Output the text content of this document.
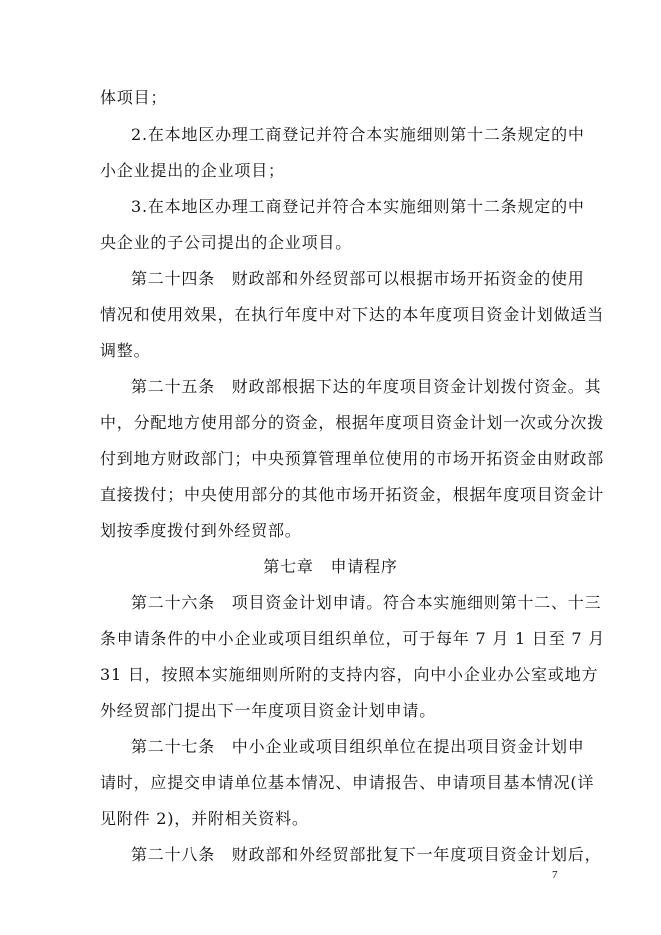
体项目；
2.在本地区办理工商登记并符合本实施细则第十二条规定的中
小企业提出的企业项目；
3.在本地区办理工商登记并符合本实施细则第十二条规定的中
央企业的子公司提出的企业项目。
第二十四条　财政部和外经贸部可以根据市场开拓资金的使用
情况和使用效果，在执行年度中对下达的本年度项目资金计划做适当
调整。
第二十五条　财政部根据下达的年度项目资金计划拨付资金。其
中，分配地方使用部分的资金，根据年度项目资金计划一次或分次拨
付到地方财政部门；中央预算管理单位使用的市场开拓资金由财政部
直接拨付；中央使用部分的其他市场开拓资金，根据年度项目资金计
划按季度拨付到外经贸部。
第七章　申请程序
第二十六条　项目资金计划申请。符合本实施细则第十二、十三
条申请条件的中小企业或项目组织单位，可于每年 7 月 1 日至 7 月
31 日，按照本实施细则所附的支持内容，向中小企业办公室或地方
外经贸部门提出下一年度项目资金计划申请。
第二十七条　中小企业或项目组织单位在提出项目资金计划申
请时，应提交申请单位基本情况、申请报告、申请项目基本情况(详
见附件 2)，并附相关资料。
第二十八条　财政部和外经贸部批复下一年度项目资金计划后，
7
